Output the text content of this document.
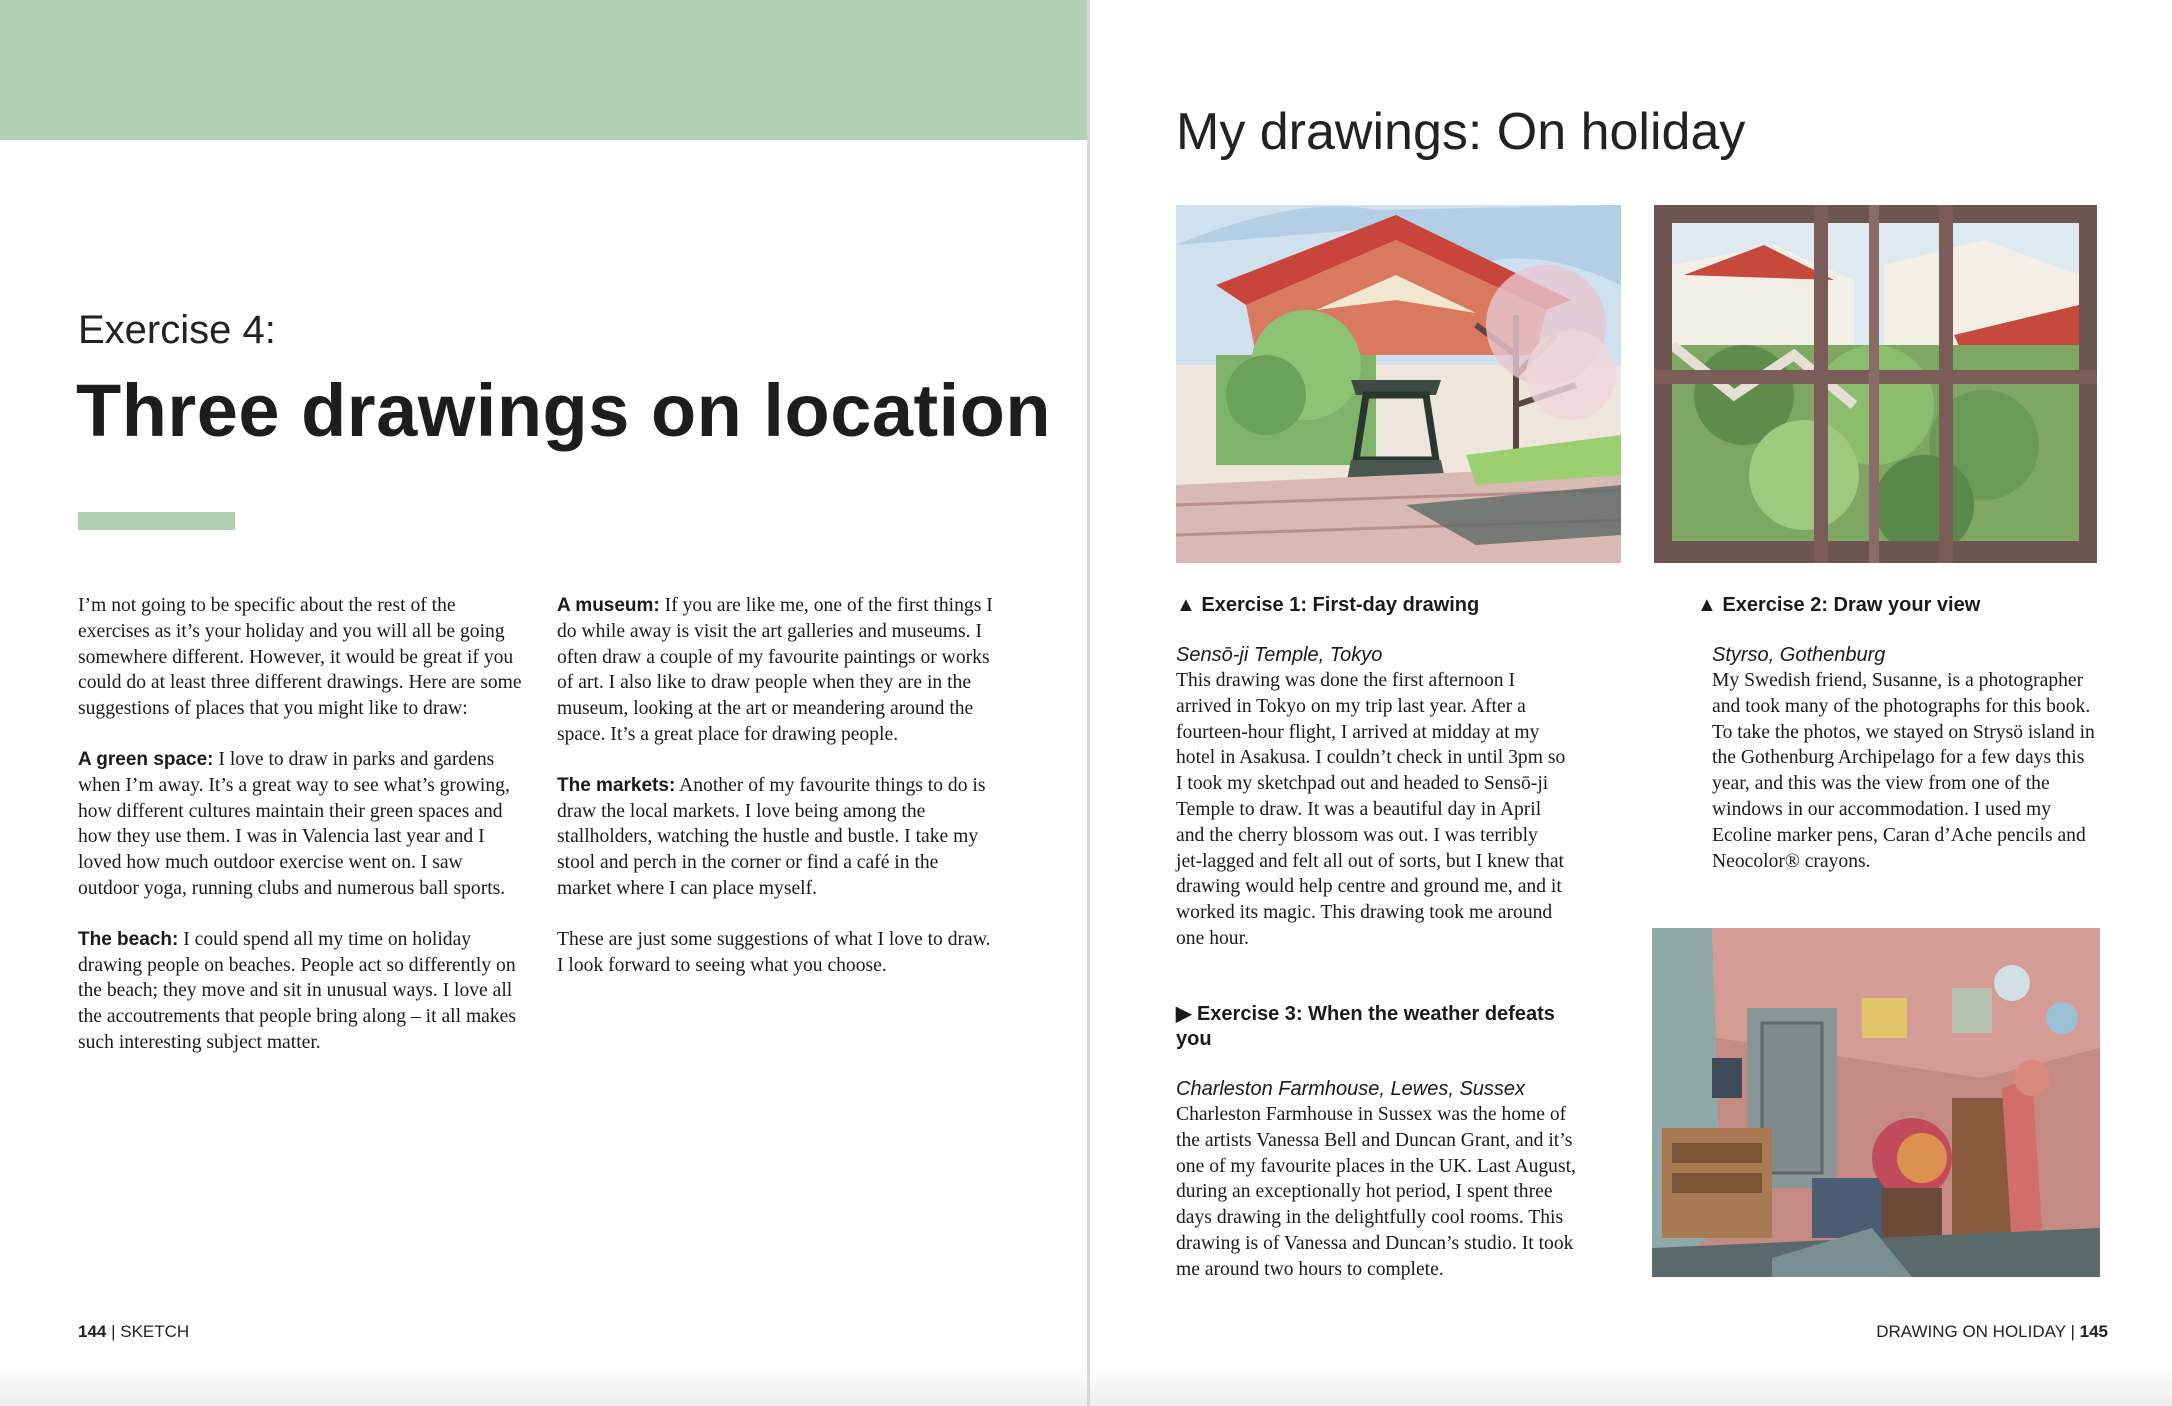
Exercise 4:
Three drawings on location

I’m not going to be specific about the rest of the exercises as it’s your holiday and you will all be going somewhere different. However, it would be great if you could do at least three different drawings. Here are some suggestions of places that you might like to draw:

A green space: I love to draw in parks and gardens when I’m away. It’s a great way to see what’s growing, how different cultures maintain their green spaces and how they use them. I was in Valencia last year and I loved how much outdoor exercise went on. I saw outdoor yoga, running clubs and numerous ball sports.

The beach: I could spend all my time on holiday drawing people on beaches. People act so differently on the beach; they move and sit in unusual ways. I love all the accoutrements that people bring along – it all makes such interesting subject matter.

A museum: If you are like me, one of the first things I do while away is visit the art galleries and museums. I often draw a couple of my favourite paintings or works of art. I also like to draw people when they are in the museum, looking at the art or meandering around the space. It’s a great place for drawing people.

The markets: Another of my favourite things to do is draw the local markets. I love being among the stallholders, watching the hustle and bustle. I take my stool and perch in the corner or find a café in the market where I can place myself.

These are just some suggestions of what I love to draw. I look forward to seeing what you choose.

144 | SKETCH
My drawings: On holiday
▲ Exercise 1: First-day drawing
Sensō-ji Temple, Tokyo

This drawing was done the first afternoon I arrived in Tokyo on my trip last year. After a fourteen-hour flight, I arrived at midday at my hotel in Asakusa. I couldn’t check in until 3pm so I took my sketchpad out and headed to Sensō-ji Temple to draw. It was a beautiful day in April and the cherry blossom was out. I was terribly jet-lagged and felt all out of sorts, but I knew that drawing would help centre and ground me, and it worked its magic. This drawing took me around one hour.

▲ Exercise 2: Draw your view
Styrso, Gothenburg

My Swedish friend, Susanne, is a photographer and took many of the photographs for this book. To take the photos, we stayed on Strysö island in the Gothenburg Archipelago for a few days this year, and this was the view from one of the windows in our accommodation. I used my Ecoline marker pens, Caran d’Ache pencils and Neocolor® crayons.

▶ Exercise 3: When the weather defeats you
Charleston Farmhouse, Lewes, Sussex

Charleston Farmhouse in Sussex was the home of the artists Vanessa Bell and Duncan Grant, and it’s one of my favourite places in the UK. Last August, during an exceptionally hot period, I spent three days drawing in the delightfully cool rooms. This drawing is of Vanessa and Duncan’s studio. It took me around two hours to complete.

DRAWING ON HOLIDAY | 145
